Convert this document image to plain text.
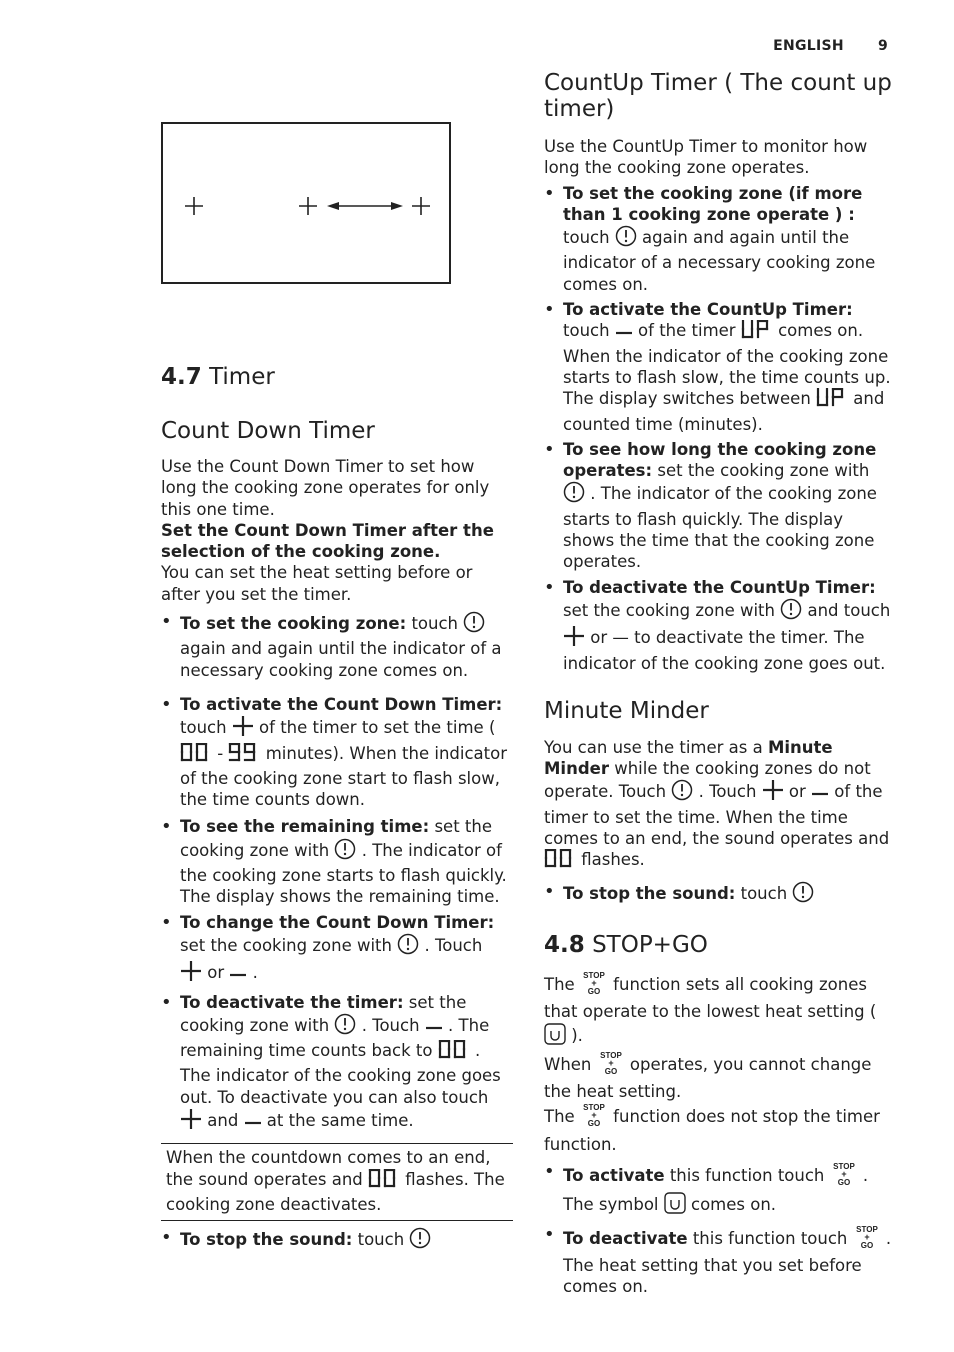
ENGLISH 9
4.7 Timer
Count Down Timer

Use the Count Down Timer to set how long the cooking zone operates for only this one time.

Set the Count Down Timer after the selection of the cooking zone.

You can set the heat setting before or after you set the timer.

• To set the cooking zone: touch  again and again until the indicator of a necessary cooking zone comes on.
• To activate the Count Down Timer:
touch  of the timer to set the time (
-  minutes). When the indicator of the cooking zone start to flash slow, the time counts down.
• To see the remaining time: set the cooking zone with  . The indicator of the cooking zone starts to flash quickly. The display shows the remaining time.
• To change the Count Down Timer:
set the cooking zone with  . Touch
or  .
• To deactivate the timer: set the cooking zone with  . Touch  . The remaining time counts back to  . The indicator of the cooking zone goes out. To deactivate you can also touch  and  at the same time.
When the countdown comes to an end, the sound operates and  flashes. The cooking zone deactivates.
• To stop the sound: touch
CountUp Timer ( The count up timer)

Use the CountUp Timer to monitor how long the cooking zone operates.

• To set the cooking zone (if more than 1 cooking zone operate ) :
touch  again and again until the indicator of a necessary cooking zone comes on.
• To activate the CountUp Timer:
touch  of the timer  comes on. When the indicator of the cooking zone starts to flash slow, the time counts up. The display switches between  and counted time (minutes).
• To see how long the cooking zone operates: set the cooking zone with  . The indicator of the cooking zone starts to flash quickly. The display shows the time that the cooking zone operates.
• To deactivate the CountUp Timer:
set the cooking zone with  and touch  or — to deactivate the timer. The indicator of the cooking zone goes out.
Minute Minder

You can use the timer as a Minute Minder while the cooking zones do not operate. Touch  . Touch  or  of the timer to set the time. When the time comes to an end, the sound operates and  flashes.

• To stop the sound: touch
4.8 STOP+GO

The STOP
+
GO function sets all cooking zones that operate to the lowest heat setting (  ).

When STOP
+
GO operates, you cannot change the heat setting.

The STOP
+
GO function does not stop the timer function.

• To activate this function touch STOP
+
GO . The symbol  comes on.
• To deactivate this function touch STOP
+
GO . The heat setting that you set before comes on.
